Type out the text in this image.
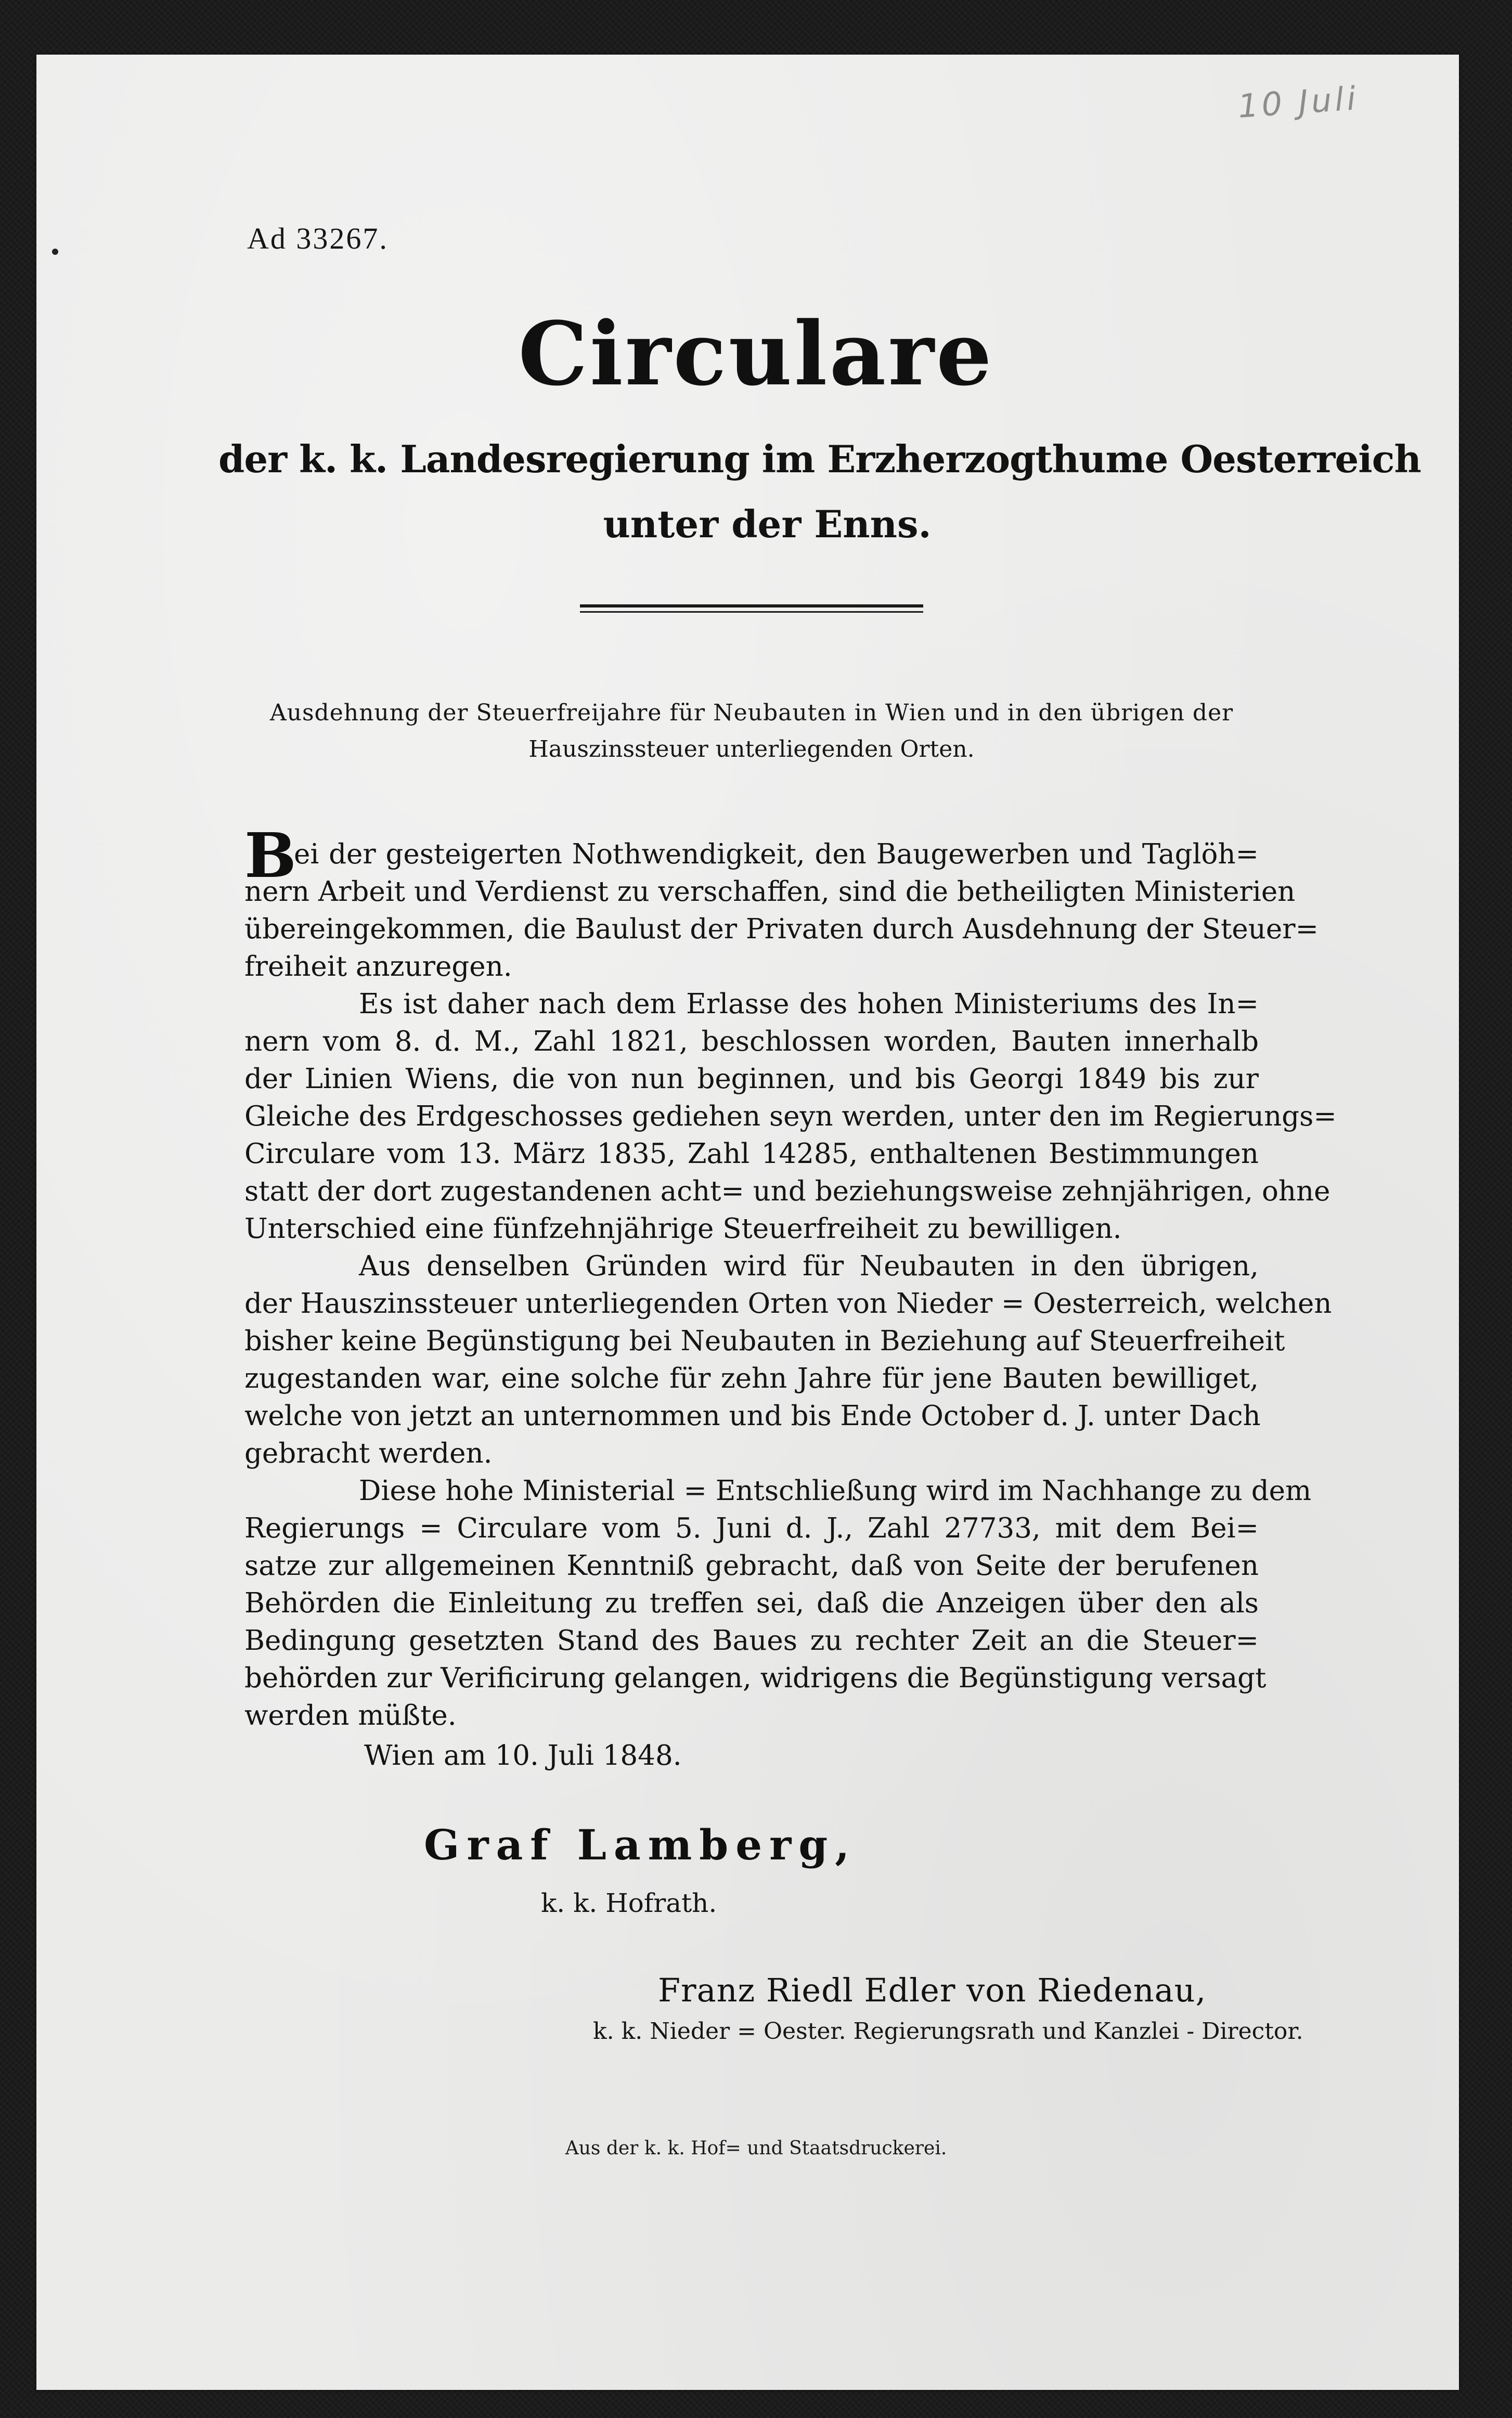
10 Juli
Ad 33267.
Circulare
der k. k. Landesregierung im Erzherzogthume Oesterreich
unter der Enns.
Ausdehnung der Steuerfreijahre für Neubauten in Wien und in den übrigen der
Hauszinssteuer unterliegenden Orten.
B
ei der gesteigerten Nothwendigkeit, den Baugewerben und Taglöh=
nern Arbeit und Verdienst zu verschaffen, sind die betheiligten Ministerien
übereingekommen, die Baulust der Privaten durch Ausdehnung der Steuer=
freiheit anzuregen.
Es ist daher nach dem Erlasse des hohen Ministeriums des In=
nern vom 8. d. M., Zahl 1821, beschlossen worden, Bauten innerhalb
der Linien Wiens, die von nun beginnen, und bis Georgi 1849 bis zur
Gleiche des Erdgeschosses gediehen seyn werden, unter den im Regierungs=
Circulare vom 13. März 1835, Zahl 14285, enthaltenen Bestimmungen
statt der dort zugestandenen acht= und beziehungsweise zehnjährigen, ohne
Unterschied eine fünfzehnjährige Steuerfreiheit zu bewilligen.
Aus denselben Gründen wird für Neubauten in den übrigen,
der Hauszinssteuer unterliegenden Orten von Nieder = Oesterreich, welchen
bisher keine Begünstigung bei Neubauten in Beziehung auf Steuerfreiheit
zugestanden war, eine solche für zehn Jahre für jene Bauten bewilliget,
welche von jetzt an unternommen und bis Ende October d. J. unter Dach
gebracht werden.
Diese hohe Ministerial = Entschließung wird im Nachhange zu dem
Regierungs = Circulare vom 5. Juni d. J., Zahl 27733, mit dem Bei=
satze zur allgemeinen Kenntniß gebracht, daß von Seite der berufenen
Behörden die Einleitung zu treffen sei, daß die Anzeigen über den als
Bedingung gesetzten Stand des Baues zu rechter Zeit an die Steuer=
behörden zur Verificirung gelangen, widrigens die Begünstigung versagt
werden müßte.
Wien am 10. Juli 1848.
Graf Lamberg,
k. k. Hofrath.
Franz Riedl Edler von Riedenau,
k. k. Nieder = Oester. Regierungsrath und Kanzlei - Director.
Aus der k. k. Hof= und Staatsdruckerei.
